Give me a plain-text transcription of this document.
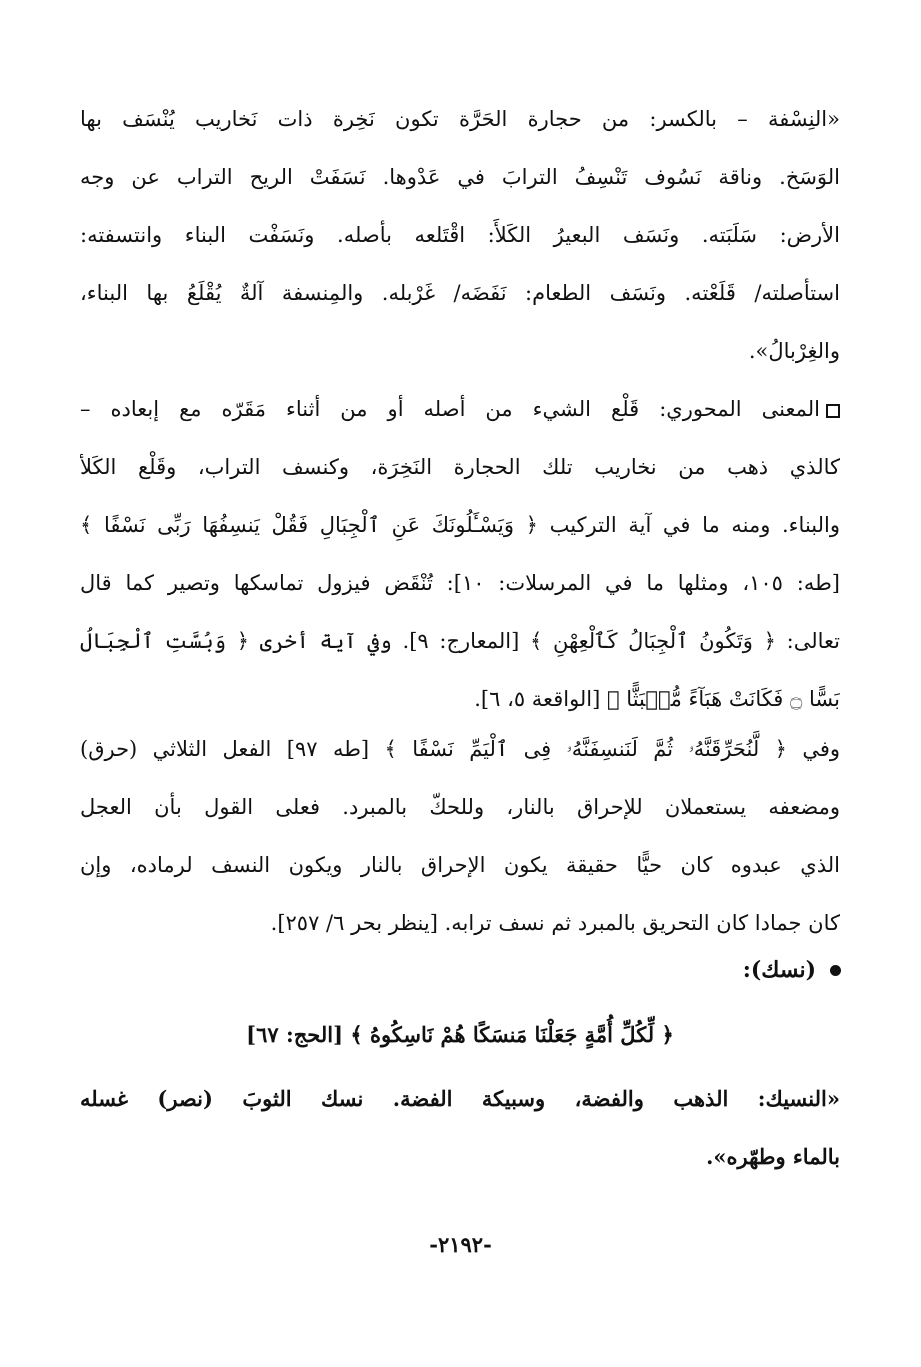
«النِسْفة – بالكسر: من حجارة الحَرَّة تكون نَخِرة ذات نَخاريب يُنْسَف بها
الوَسَخ. وناقة نَسُوف تَنْسِفُ الترابَ في عَدْوها. نَسَفَتْ الريح التراب عن وجه
الأرض: سَلَبَته. ونَسَف البعيرُ الكَلأَ: اقْتَلعه بأصله. ونَسَفْت البناء وانتسفته:
استأصلته/ قَلَعْته. ونَسَف الطعام: نَفَضَه/ غَرْبله. والمِنسفة آلةٌ يُقْلَعُ بها البناء،
والغِرْبالُ».
المعنى المحوري: قَلْع الشيء من أصله أو من أثناء مَقَرّه مع إبعاده –
كالذي ذهب من نخاريب تلك الحجارة النَخِرَة، وكنسف التراب، وقَلْع الكَلأ
والبناء. ومنه ما في آية التركيب ﴿ وَيَسْـَٔلُونَكَ عَنِ ٱلْجِبَالِ فَقُلْ يَنسِفُهَا رَبِّى نَسْفًا ﴾
[طه: ١٠٥، ومثلها ما في المرسلات: ١٠]: تُنْقَض فيزول تماسكها وتصير كما قال
تعالى: ﴿ وَتَكُونُ ٱلْجِبَالُ كَٱلْعِهْنِ ﴾ [المعارج: ٩]. وفي آية أخرى ﴿ وَبُسَّتِ ٱلْجِبَالُ
بَسًّا ۝ فَكَانَتْ هَبَآءً مُّنۢبَثًّا ﴾ [الواقعة ٥، ٦].
وفي ﴿ لَّنُحَرِّقَنَّهُۥ ثُمَّ لَنَنسِفَنَّهُۥ فِى ٱلْيَمِّ نَسْفًا ﴾ [طه ٩٧] الفعل الثلاثي (حرق)
ومضعفه يستعملان للإحراق بالنار، وللحكّ بالمبرد. فعلى القول بأن العجل
الذي عبدوه كان حيًّا حقيقة يكون الإحراق بالنار ويكون النسف لرماده، وإن
كان جمادا كان التحريق بالمبرد ثم نسف ترابه. [ينظر بحر ٦/ ٢٥٧].
(نسك):
﴿ لِّكُلِّ أُمَّةٍ جَعَلْنَا مَنسَكًا هُمْ نَاسِكُوهُ ﴾ [الحج: ٦٧]
«النسيك: الذهب والفضة، وسبيكة الفضة. نسك الثوبَ (نصر) غسله
بالماء وطهّره».
-٢١٩٢-
